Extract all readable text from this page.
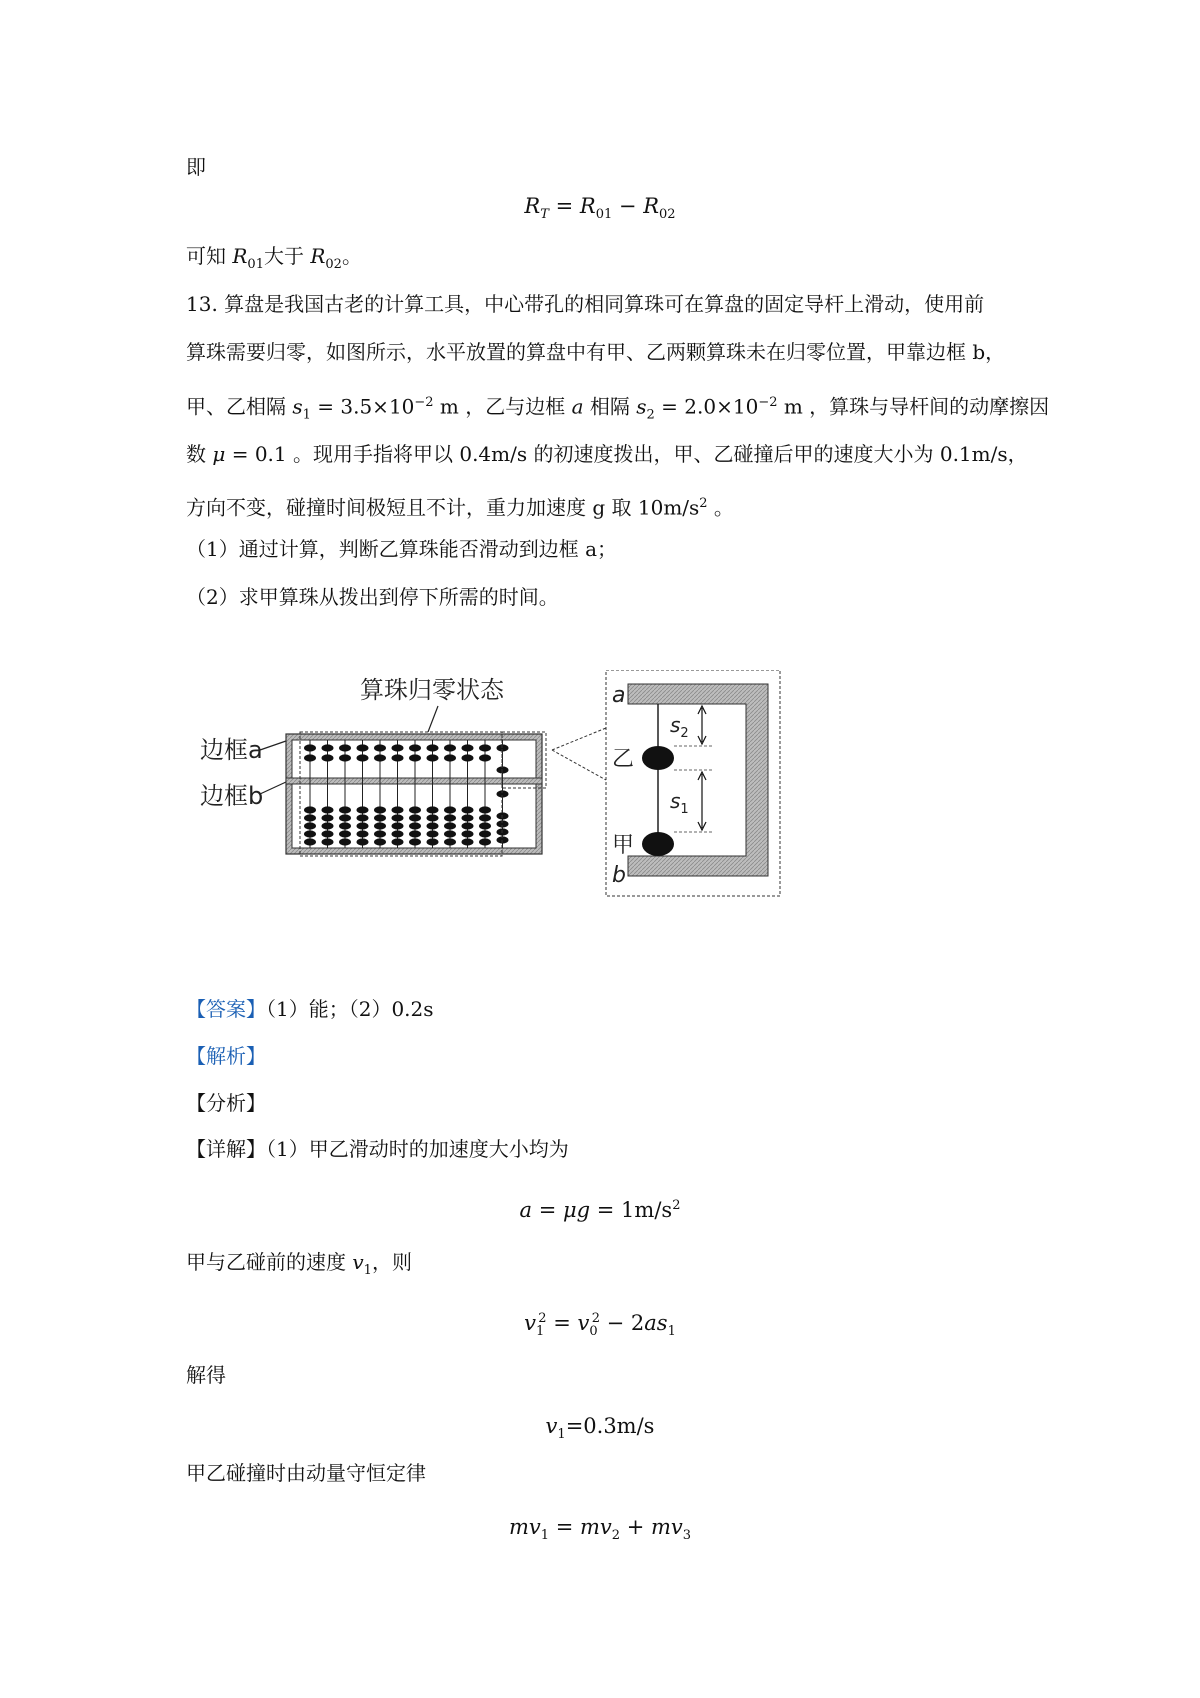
即
$R_T = R_{01} - R_{02}$
可知 $R_{01}$大于 $R_{02}$。
13. 算盘是我国古老的计算工具，中心带孔的相同算珠可在算盘的固定导杆上滑动，使用前
算珠需要归零，如图所示，水平放置的算盘中有甲、乙两颗算珠未在归零位置，甲靠边框 b，
甲、乙相隔 $s_1 = 3.5\times 10^{-2}$ m ，乙与边框 a 相隔 $s_2 = 2.0\times 10^{-2}$ m ，算珠与导杆间的动摩擦因
数 μ = 0.1 。现用手指将甲以 0.4m/s 的初速度拨出，甲、乙碰撞后甲的速度大小为 0.1m/s，
方向不变，碰撞时间极短且不计，重力加速度 g 取 $10m/s^2$ 。
（1）通过计算，判断乙算珠能否滑动到边框 a；
（2）求甲算珠从拨出到停下所需的时间。
算珠归零状态
边框a
边框b
a
b
乙
甲
$s_2$
$s_1$
【答案】（1）能；（2）0.2s
【解析】
【分析】
【详解】（1）甲乙滑动时的加速度大小均为
$a = \mu g = 1m/s^2$
甲与乙碰前的速度 $v_1$，则
$v_1^2 = v_0^2 - 2as_1$
解得
$v_1=0.3m/s$
甲乙碰撞时由动量守恒定律
$mv_1 = mv_2 + mv_3$
